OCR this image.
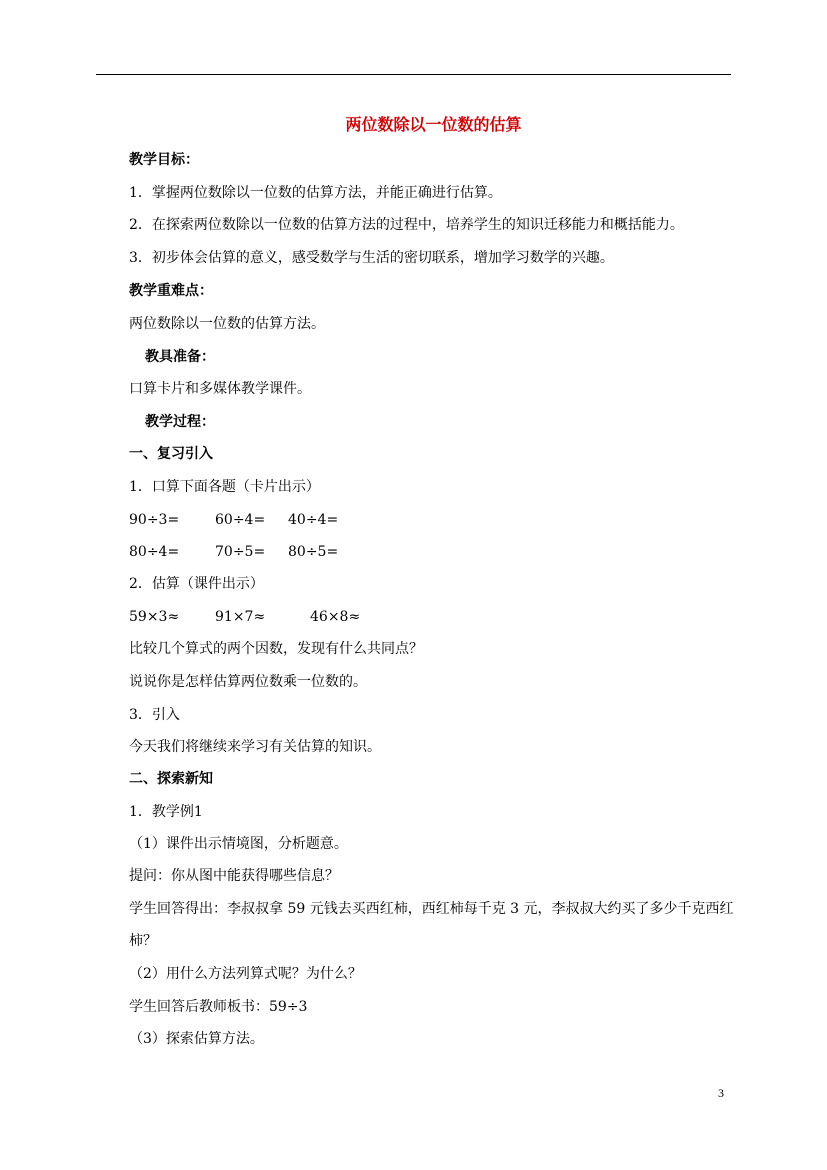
两位数除以一位数的估算
教学目标：
1．掌握两位数除以一位数的估算方法，并能正确进行估算。
2．在探索两位数除以一位数的估算方法的过程中，培养学生的知识迁移能力和概括能力。
3．初步体会估算的意义，感受数学与生活的密切联系，增加学习数学的兴趣。
教学重难点：
两位数除以一位数的估算方法。
教具准备：
口算卡片和多媒体教学课件。
教学过程：
一、复习引入
1．口算下面各题（卡片出示）
90÷3=	60÷4= 40÷4=
80÷4=	70÷5= 80÷5=
2．估算（课件出示）
59×3≈	91×7≈	46×8≈
比较几个算式的两个因数，发现有什么共同点？
说说你是怎样估算两位数乘一位数的。
3．引入
今天我们将继续来学习有关估算的知识。
二、探索新知
1．教学例1
（1）课件出示情境图，分析题意。
提问：你从图中能获得哪些信息？
学生回答得出：李叔叔拿 59 元钱去买西红柿，西红柿每千克 3 元，李叔叔大约买了多少千克西红柿？
（2）用什么方法列算式呢？为什么？
学生回答后教师板书：59÷3
（3）探索估算方法。
3
